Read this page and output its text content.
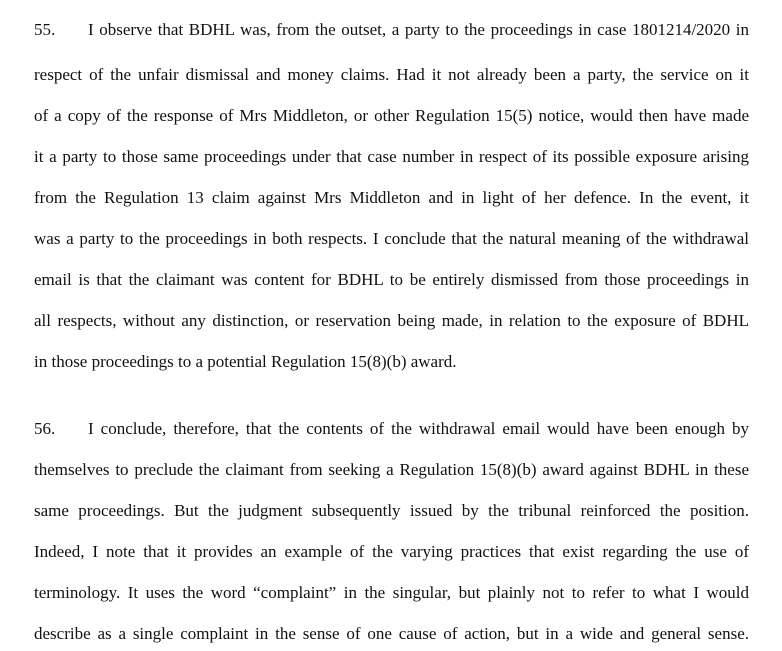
55. I observe that BDHL was, from the outset, a party to the proceedings in case 1801214/2020 in
respect of the unfair dismissal and money claims. Had it not already been a party, the service on it
of a copy of the response of Mrs Middleton, or other Regulation 15(5) notice, would then have made
it a party to those same proceedings under that case number in respect of its possible exposure arising
from the Regulation 13 claim against Mrs Middleton and in light of her defence. In the event, it
was a party to the proceedings in both respects. I conclude that the natural meaning of the withdrawal
email is that the claimant was content for BDHL to be entirely dismissed from those proceedings in
all respects, without any distinction, or reservation being made, in relation to the exposure of BDHL
in those proceedings to a potential Regulation 15(8)(b) award.
56. I conclude, therefore, that the contents of the withdrawal email would have been enough by
themselves to preclude the claimant from seeking a Regulation 15(8)(b) award against BDHL in these
same proceedings. But the judgment subsequently issued by the tribunal reinforced the position.
Indeed, I note that it provides an example of the varying practices that exist regarding the use of
terminology. It uses the word “complaint” in the singular, but plainly not to refer to what I would
describe as a single complaint in the sense of one cause of action, but in a wide and general sense.
